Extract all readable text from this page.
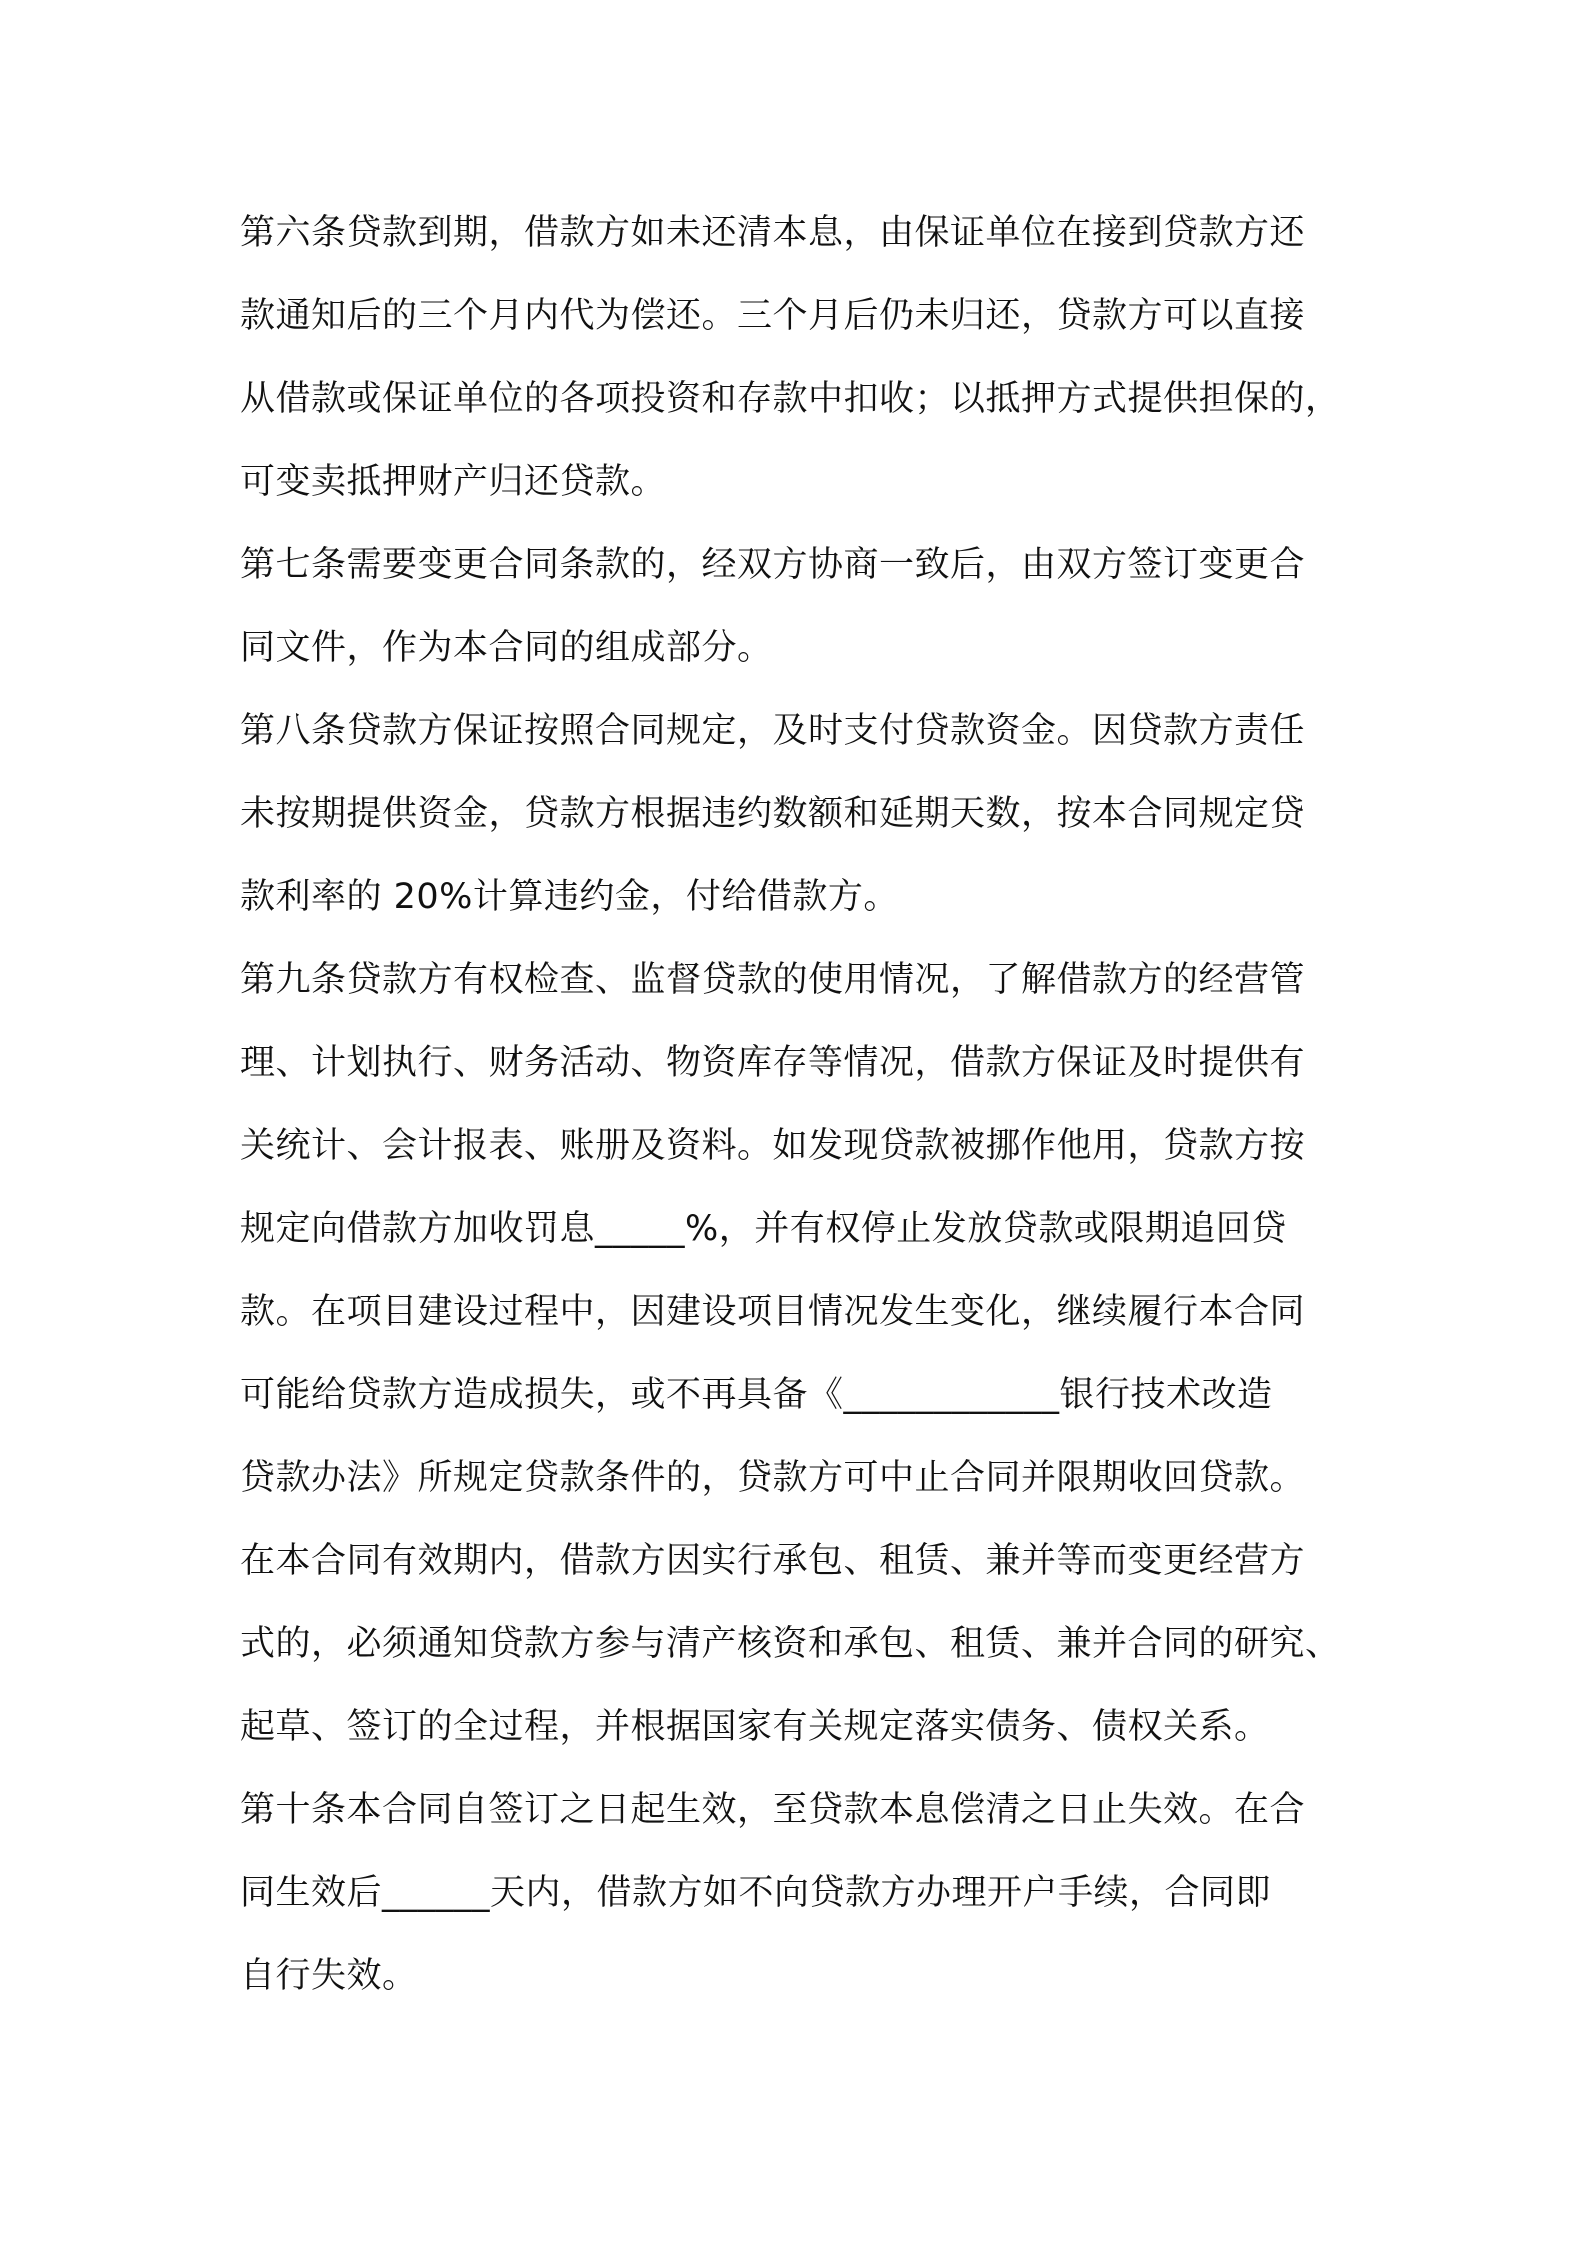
第六条贷款到期，借款方如未还清本息，由保证单位在接到贷款方还
款通知后的三个月内代为偿还。三个月后仍未归还，贷款方可以直接
从借款或保证单位的各项投资和存款中扣收；以抵押方式提供担保的，
可变卖抵押财产归还贷款。
第七条需要变更合同条款的，经双方协商一致后，由双方签订变更合
同文件，作为本合同的组成部分。
第八条贷款方保证按照合同规定，及时支付贷款资金。因贷款方责任
未按期提供资金，贷款方根据违约数额和延期天数，按本合同规定贷
款利率的 20%计算违约金，付给借款方。
第九条贷款方有权检查、监督贷款的使用情况，了解借款方的经营管
理、计划执行、财务活动、物资库存等情况，借款方保证及时提供有
关统计、会计报表、账册及资料。如发现贷款被挪作他用，贷款方按
规定向借款方加收罚息_____%，并有权停止发放贷款或限期追回贷
款。在项目建设过程中，因建设项目情况发生变化，继续履行本合同
可能给贷款方造成损失，或不再具备《____________银行技术改造
贷款办法》所规定贷款条件的，贷款方可中止合同并限期收回贷款。
在本合同有效期内，借款方因实行承包、租赁、兼并等而变更经营方
式的，必须通知贷款方参与清产核资和承包、租赁、兼并合同的研究、
起草、签订的全过程，并根据国家有关规定落实债务、债权关系。
第十条本合同自签订之日起生效，至贷款本息偿清之日止失效。在合
同生效后______天内，借款方如不向贷款方办理开户手续，合同即
自行失效。
